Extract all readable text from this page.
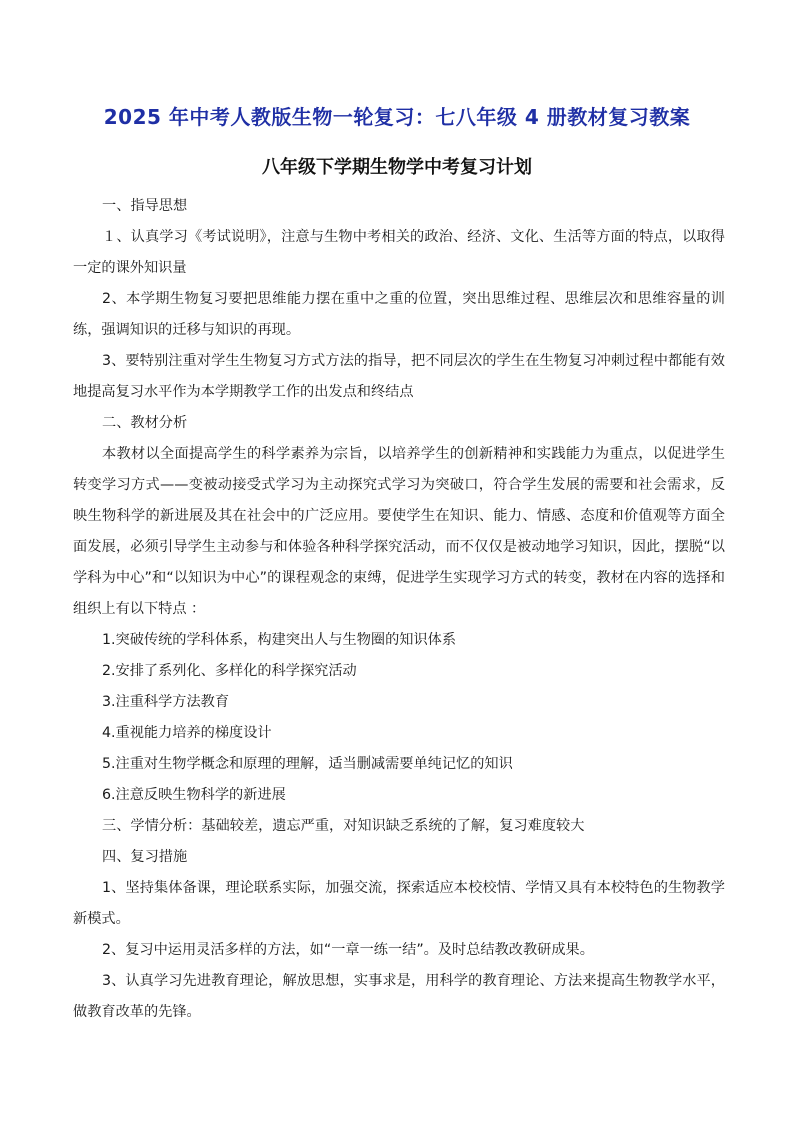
2025 年中考人教版生物一轮复习：七八年级 4 册教材复习教案
八年级下学期生物学中考复习计划

一、指导思想

１、认真学习《考试说明》，注意与生物中考相关的政治、经济、文化、生活等方面的特点，以取得一定的课外知识量

2、本学期生物复习要把思维能力摆在重中之重的位置，突出思维过程、思维层次和思维容量的训练，强调知识的迁移与知识的再现。

3、要特别注重对学生生物复习方式方法的指导，把不同层次的学生在生物复习冲刺过程中都能有效地提高复习水平作为本学期教学工作的出发点和终结点

二、教材分析

本教材以全面提高学生的科学素养为宗旨，以培养学生的创新精神和实践能力为重点，以促进学生转变学习方式——变被动接受式学习为主动探究式学习为突破口，符合学生发展的需要和社会需求，反映生物科学的新进展及其在社会中的广泛应用。要使学生在知识、能力、情感、态度和价值观等方面全面发展，必须引导学生主动参与和体验各种科学探究活动，而不仅仅是被动地学习知识，因此，摆脱“以学科为中心”和“以知识为中心”的课程观念的束缚，促进学生实现学习方式的转变，教材在内容的选择和组织上有以下特点 ：

1.突破传统的学科体系，构建突出人与生物圈的知识体系

2.安排了系列化、多样化的科学探究活动

3.注重科学方法教育

4.重视能力培养的梯度设计

5.注重对生物学概念和原理的理解，适当删减需要单纯记忆的知识

6.注意反映生物科学的新进展

三、学情分析：基础较差，遗忘严重，对知识缺乏系统的了解，复习难度较大

四、复习措施

1、坚持集体备课，理论联系实际，加强交流，探索适应本校校情、学情又具有本校特色的生物教学新模式。

2、复习中运用灵活多样的方法，如“一章一练一结”。及时总结教改教研成果。

3、认真学习先进教育理论，解放思想，实事求是，用科学的教育理论、方法来提高生物教学水平，做教育改革的先锋。
